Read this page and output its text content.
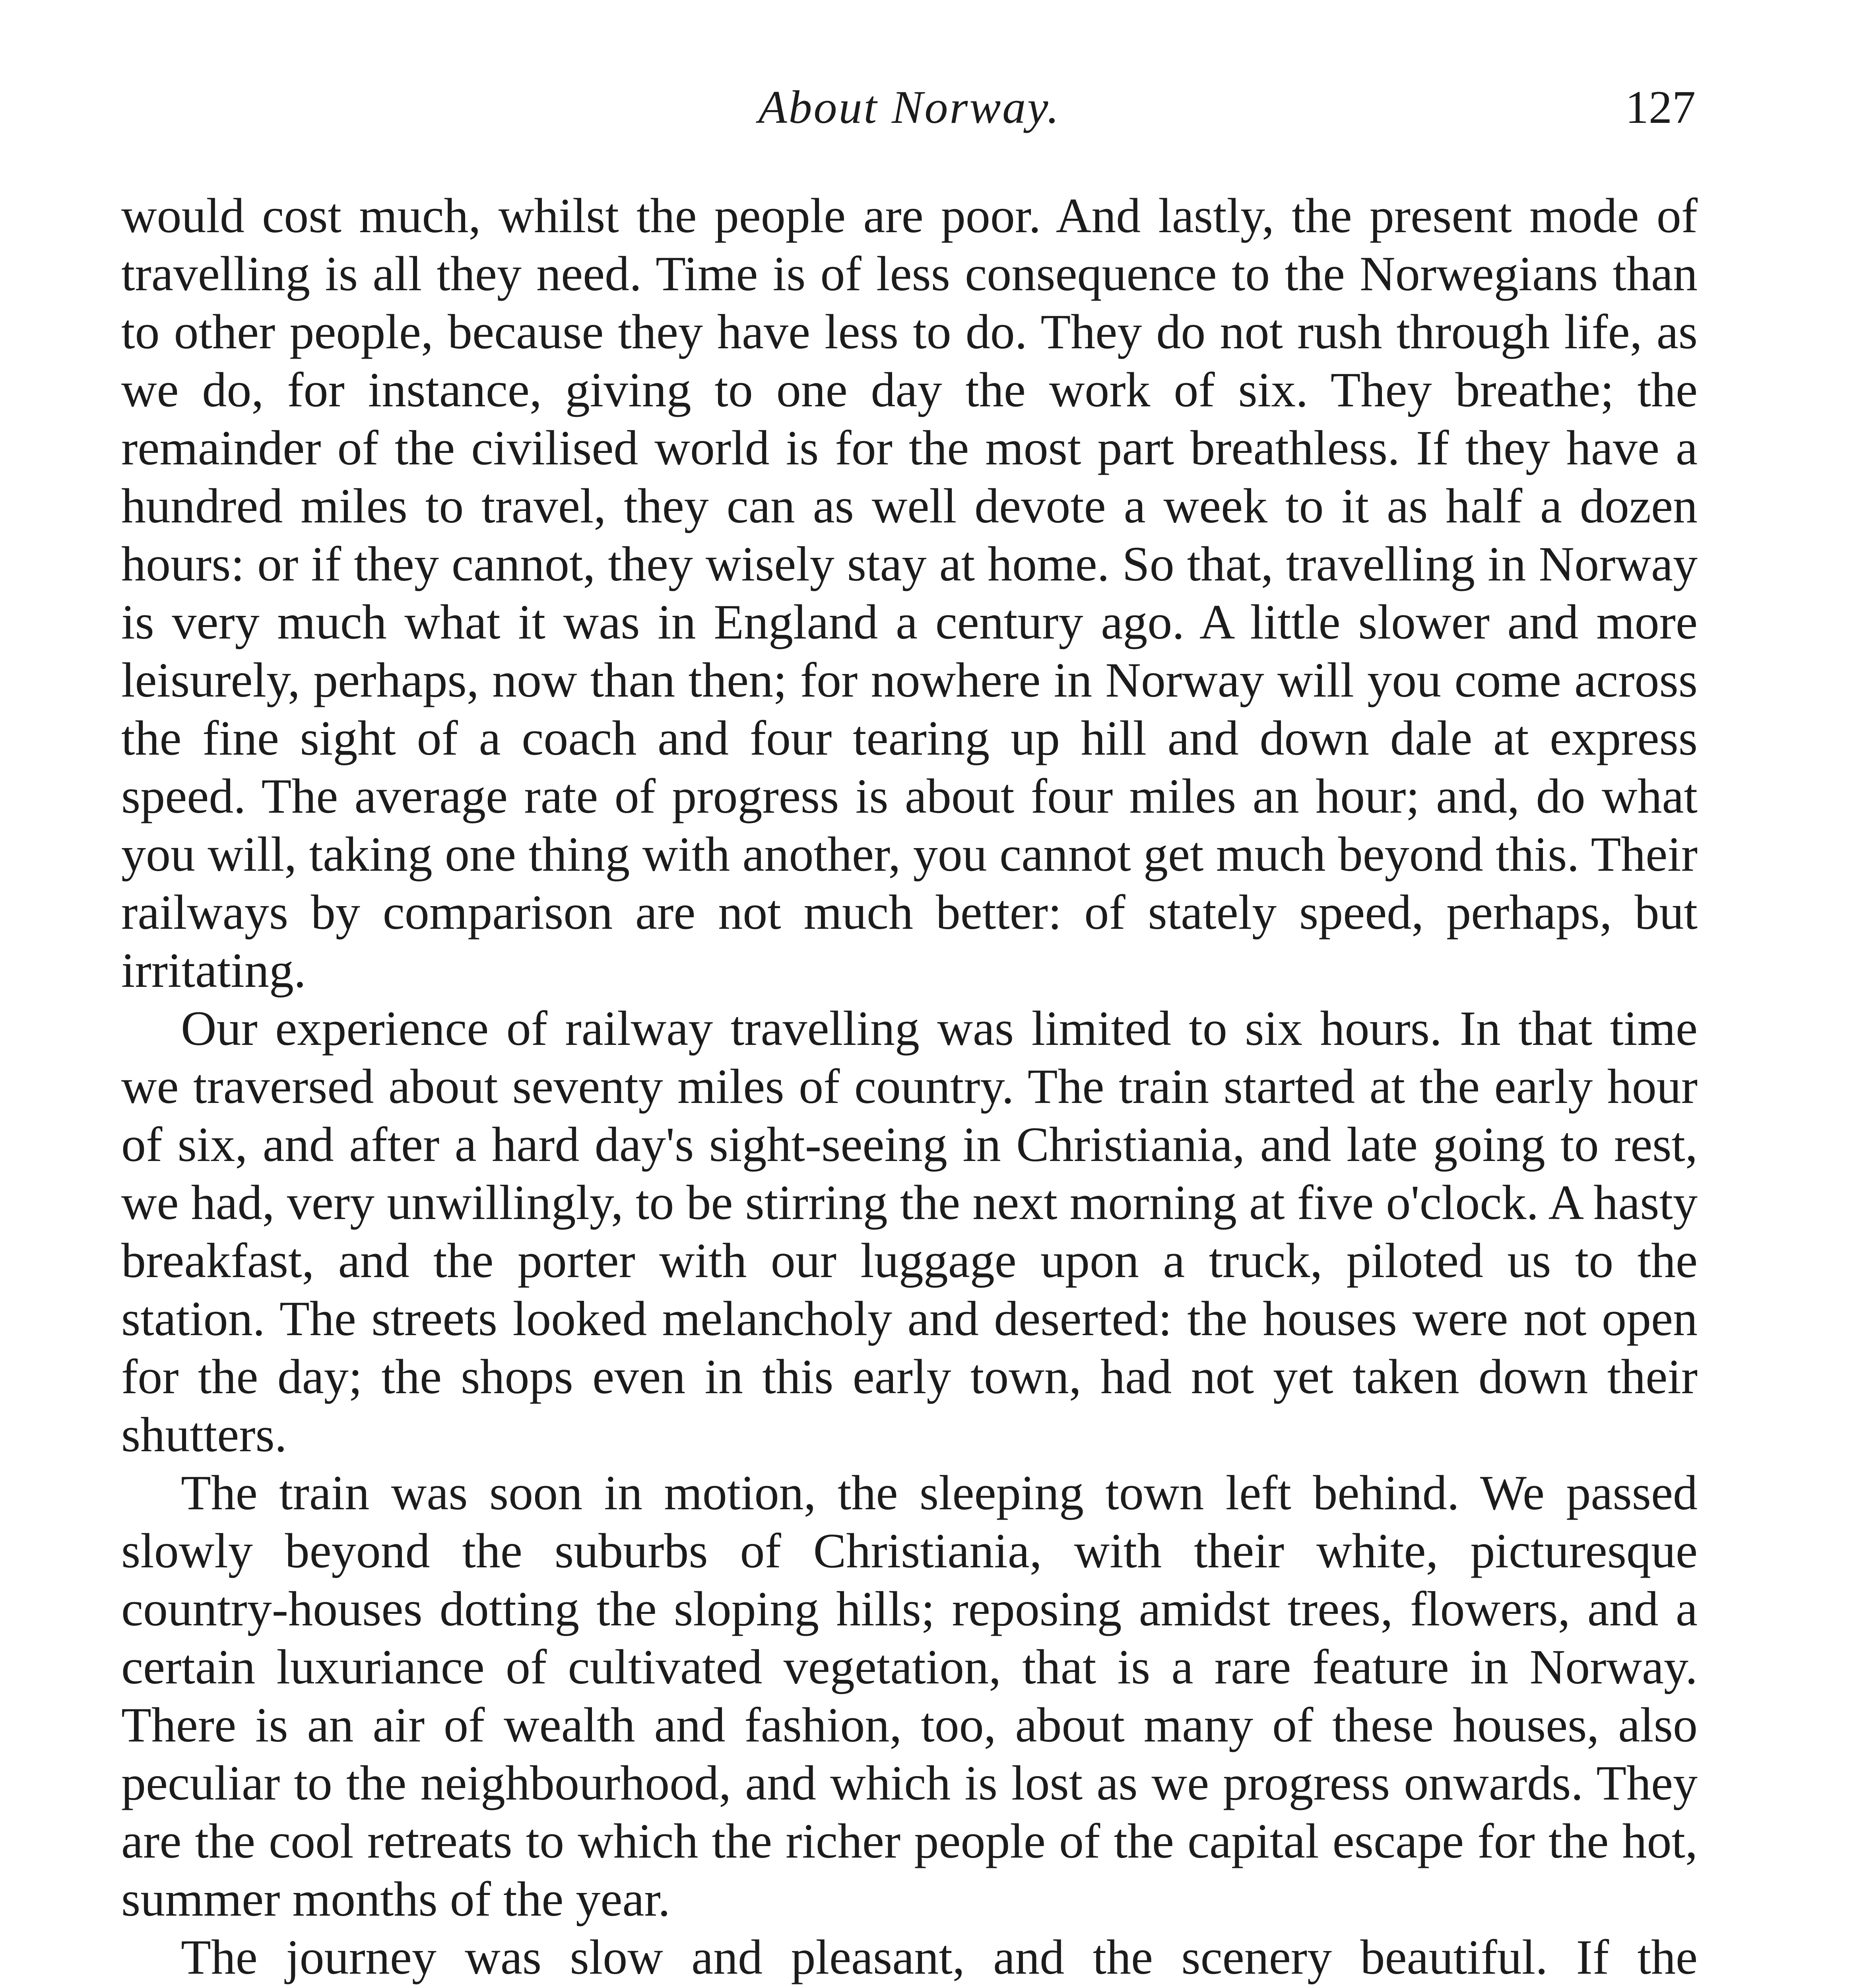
About Norway.	127

would cost much, whilst the people are poor. And lastly, the present mode of travelling is all they need. Time is of less consequence to the Norwegians than to other people, because they have less to do. They do not rush through life, as we do, for instance, giving to one day the work of six. They breathe; the remainder of the civilised world is for the most part breathless. If they have a hundred miles to travel, they can as well devote a week to it as half a dozen hours: or if they cannot, they wisely stay at home. So that, travelling in Norway is very much what it was in England a century ago. A little slower and more leisurely, perhaps, now than then; for nowhere in Norway will you come across the fine sight of a coach and four tearing up hill and down dale at express speed. The average rate of progress is about four miles an hour; and, do what you will, taking one thing with another, you cannot get much beyond this. Their railways by comparison are not much better: of stately speed, perhaps, but irritating.

Our experience of railway travelling was limited to six hours. In that time we traversed about seventy miles of country. The train started at the early hour of six, and after a hard day's sight-seeing in Christiania, and late going to rest, we had, very unwillingly, to be stirring the next morning at five o'clock. A hasty breakfast, and the porter with our luggage upon a truck, piloted us to the station. The streets looked melancholy and deserted: the houses were not open for the day; the shops even in this early town, had not yet taken down their shutters.

The train was soon in motion, the sleeping town left behind. We passed slowly beyond the suburbs of Christiania, with their white, picturesque country-houses dotting the sloping hills; reposing amidst trees, flowers, and a certain luxuriance of cultivated vegetation, that is a rare feature in Norway. There is an air of wealth and fashion, too, about many of these houses, also peculiar to the neighbourhood, and which is lost as we progress onwards. They are the cool retreats to which the richer people of the capital escape for the hot, summer months of the year.

The journey was slow and pleasant, and the scenery beautiful. If the
